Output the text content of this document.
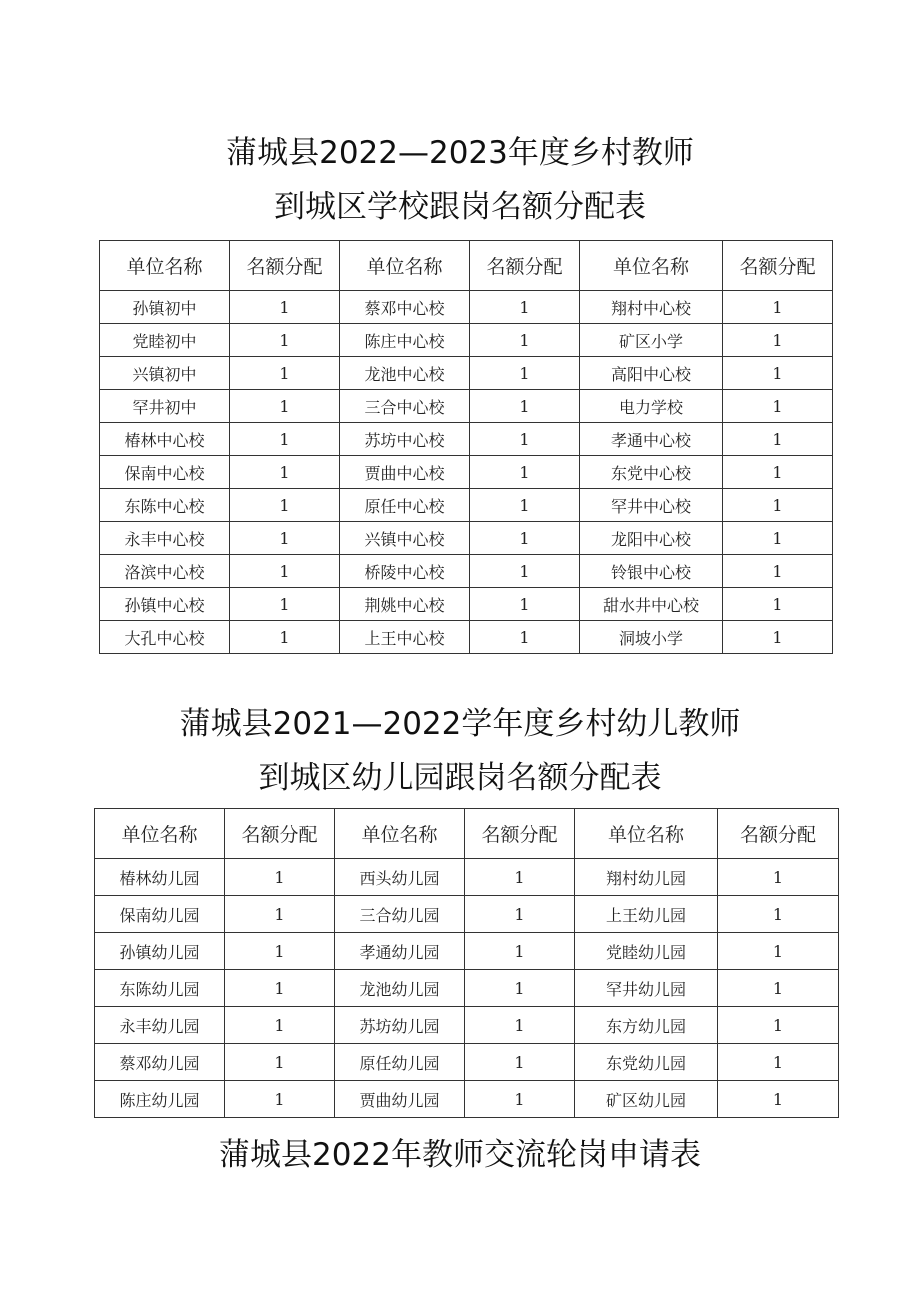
蒲城县2022—2023年度乡村教师
到城区学校跟岗名额分配表
单位名称	名额分配	单位名称	名额分配	单位名称	名额分配
孙镇初中	1	蔡邓中心校	1	翔村中心校	1
党睦初中	1	陈庄中心校	1	矿区小学	1
兴镇初中	1	龙池中心校	1	高阳中心校	1
罕井初中	1	三合中心校	1	电力学校	1
椿林中心校	1	苏坊中心校	1	孝通中心校	1
保南中心校	1	贾曲中心校	1	东党中心校	1
东陈中心校	1	原任中心校	1	罕井中心校	1
永丰中心校	1	兴镇中心校	1	龙阳中心校	1
洛滨中心校	1	桥陵中心校	1	铃银中心校	1
孙镇中心校	1	荆姚中心校	1	甜水井中心校	1
大孔中心校	1	上王中心校	1	洞坡小学	1
蒲城县2021—2022学年度乡村幼儿教师
到城区幼儿园跟岗名额分配表
单位名称	名额分配	单位名称	名额分配	单位名称	名额分配
椿林幼儿园	1	西头幼儿园	1	翔村幼儿园	1
保南幼儿园	1	三合幼儿园	1	上王幼儿园	1
孙镇幼儿园	1	孝通幼儿园	1	党睦幼儿园	1
东陈幼儿园	1	龙池幼儿园	1	罕井幼儿园	1
永丰幼儿园	1	苏坊幼儿园	1	东方幼儿园	1
蔡邓幼儿园	1	原任幼儿园	1	东党幼儿园	1
陈庄幼儿园	1	贾曲幼儿园	1	矿区幼儿园	1
蒲城县2022年教师交流轮岗申请表
